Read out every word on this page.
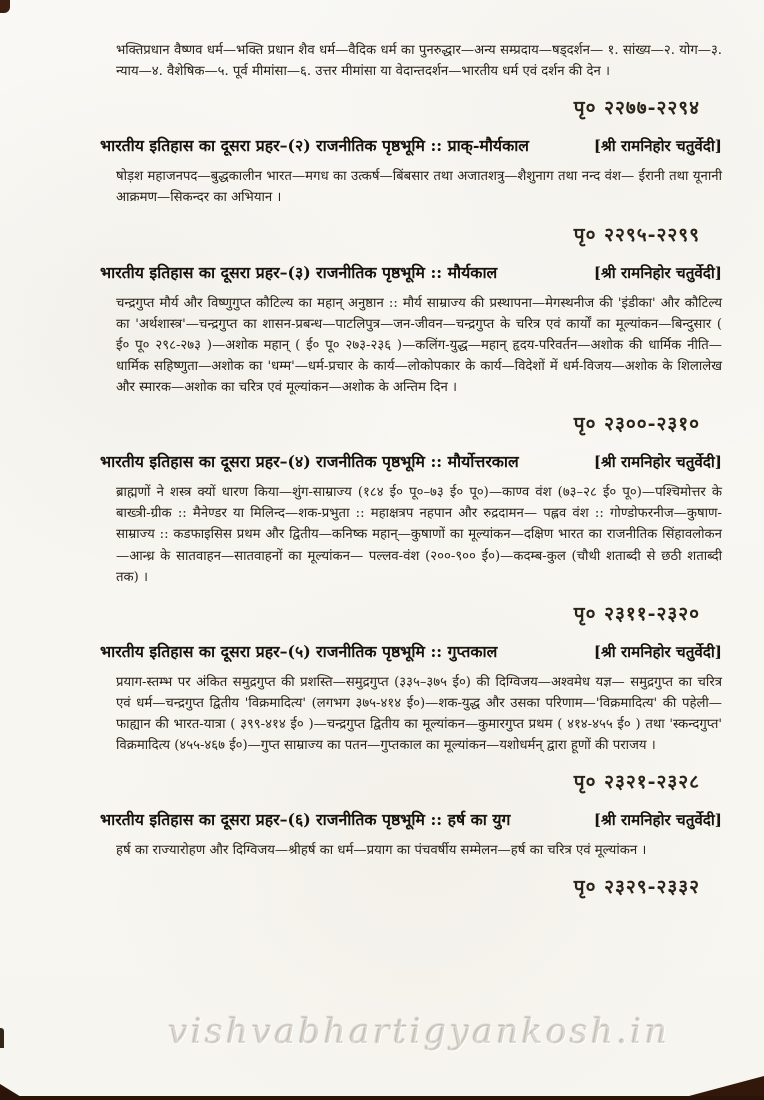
भक्तिप्रधान वैष्णव धर्म—भक्ति प्रधान शैव धर्म—वैदिक धर्म का पुनरुद्धार—अन्य सम्प्रदाय—षड्दर्शन— १. सांख्य—२. योग—३. न्याय—४. वैशेषिक—५. पूर्व मीमांसा—६. उत्तर मीमांसा या वेदान्तदर्शन—भारतीय धर्म एवं दर्शन की देन ।

पृ० २२७७-२२९४
भारतीय इतिहास का दूसरा प्रहर–(२) राजनीतिक पृष्ठभूमि :: प्राक्-मौर्यकाल	[श्री रामनिहोर चतुर्वेदी]

षोड़श महाजनपद—बुद्धकालीन भारत—मगध का उत्कर्ष—बिंबसार तथा अजातशत्रु—शैशुनाग तथा नन्द वंश— ईरानी तथा यूनानी आक्रमण—सिकन्दर का अभियान ।

पृ० २२९५-२२९९
भारतीय इतिहास का दूसरा प्रहर–(३) राजनीतिक पृष्ठभूमि :: मौर्यकाल	[श्री रामनिहोर चतुर्वेदी]

चन्द्रगुप्त मौर्य और विष्णुगुप्त कौटिल्य का महान् अनुष्ठान :: मौर्य साम्राज्य की प्रस्थापना—मेगस्थनीज की 'इंडीका' और कौटिल्य का 'अर्थशास्त्र'—चन्द्रगुप्त का शासन-प्रबन्ध—पाटलिपुत्र—जन-जीवन—चन्द्रगुप्त के चरित्र एवं कार्यों का मूल्यांकन—बिन्दुसार ( ई० पू० २९८-२७३ )—अशोक महान् ( ई० पू० २७३-२३६ )—कलिंग-युद्ध—महान् हृदय-परिवर्तन—अशोक की धार्मिक नीति—धार्मिक सहिष्णुता—अशोक का 'धम्म'—धर्म-प्रचार के कार्य—लोकोपकार के कार्य—विदेशों में धर्म-विजय—अशोक के शिलालेख और स्मारक—अशोक का चरित्र एवं मूल्यांकन—अशोक के अन्तिम दिन ।

पृ० २३००-२३१०
भारतीय इतिहास का दूसरा प्रहर–(४) राजनीतिक पृष्ठभूमि :: मौर्योत्तरकाल	[श्री रामनिहोर चतुर्वेदी]

ब्राह्मणों ने शस्त्र क्यों धारण किया—शुंग-साम्राज्य (१८४ ई० पू०–७३ ई० पू०)—काण्व वंश (७३–२८ ई० पू०)—पश्चिमोत्तर के बाख्त्री-ग्रीक :: मैनेण्डर या मिलिन्द—शक-प्रभुता :: महाक्षत्रप नहपान और रुद्रदामन— पह्लव वंश :: गोण्डोफरनीज—कुषाण-साम्राज्य :: कडफाइसिस प्रथम और द्वितीय—कनिष्क महान्—कुषाणों का मूल्यांकन—दक्षिण भारत का राजनीतिक सिंहावलोकन—आन्ध्र के सातवाहन—सातवाहनों का मूल्यांकन— पल्लव-वंश (२००-९०० ई०)—कदम्ब-कुल (चौथी शताब्दी से छठी शताब्दी तक) ।

पृ० २३११-२३२०
भारतीय इतिहास का दूसरा प्रहर–(५) राजनीतिक पृष्ठभूमि :: गुप्तकाल	[श्री रामनिहोर चतुर्वेदी]

प्रयाग-स्तम्भ पर अंकित समुद्रगुप्त की प्रशस्ति—समुद्रगुप्त (३३५–३७५ ई०) की दिग्विजय—अश्वमेध यज्ञ— समुद्रगुप्त का चरित्र एवं धर्म—चन्द्रगुप्त द्वितीय 'विक्रमादित्य' (लगभग ३७५-४१४ ई०)—शक-युद्ध और उसका परिणाम—'विक्रमादित्य' की पहेली—फाह्यान की भारत-यात्रा ( ३९९-४१४ ई० )—चन्द्रगुप्त द्वितीय का मूल्यांकन—कुमारगुप्त प्रथम ( ४१४-४५५ ई० ) तथा 'स्कन्दगुप्त' विक्रमादित्य (४५५-४६७ ई०)—गुप्त साम्राज्य का पतन—गुप्तकाल का मूल्यांकन—यशोधर्मन् द्वारा हूणों की पराजय ।

पृ० २३२१-२३२८
भारतीय इतिहास का दूसरा प्रहर–(६) राजनीतिक पृष्ठभूमि :: हर्ष का युग	[श्री रामनिहोर चतुर्वेदी]

हर्ष का राज्यारोहण और दिग्विजय—श्रीहर्ष का धर्म—प्रयाग का पंचवर्षीय सम्मेलन—हर्ष का चरित्र एवं मूल्यांकन ।

पृ० २३२९-२३३२
vishvabhartigyankosh.in
